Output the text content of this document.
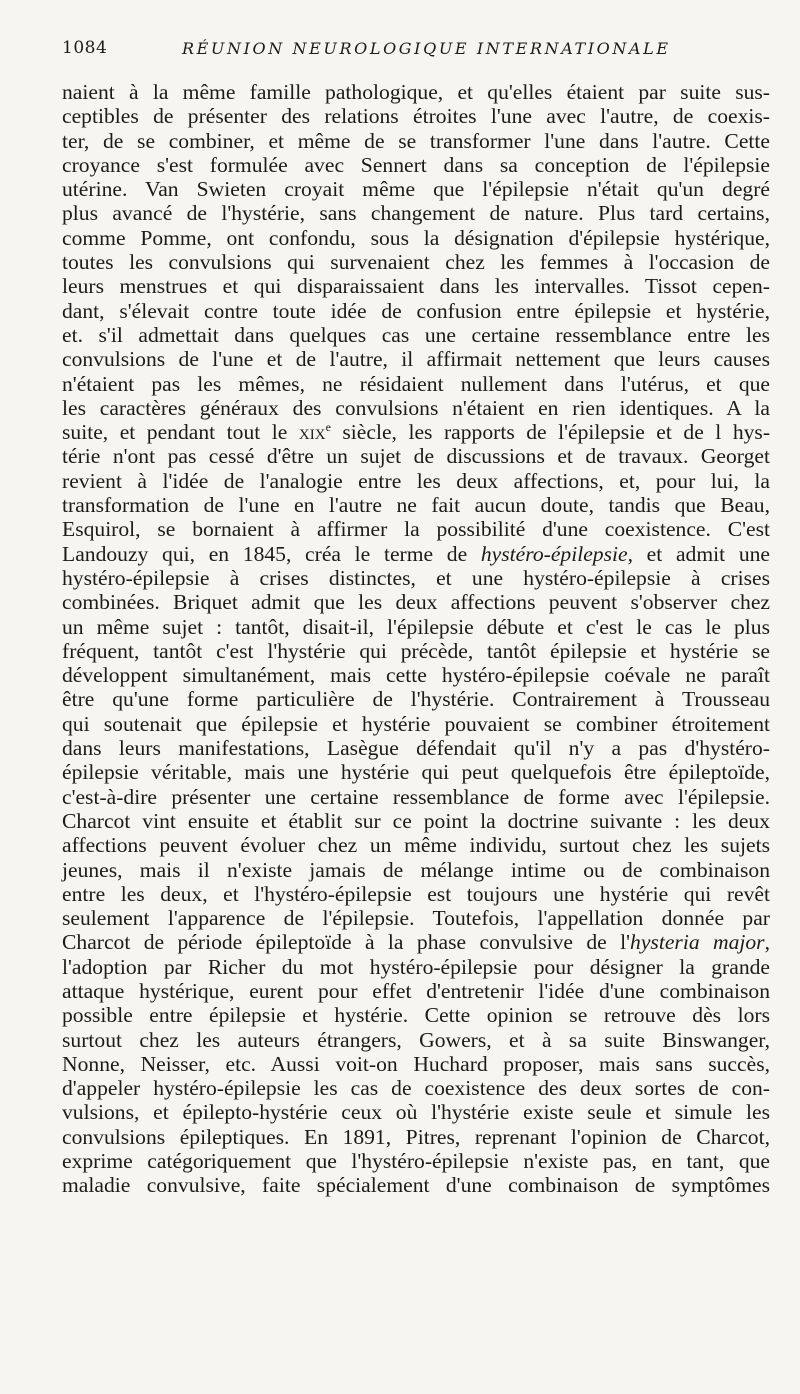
1084	RÉUNION NEUROLOGIQUE INTERNATIONALE
naient à la même famille pathologique, et qu'elles étaient par suite sus-
ceptibles de présenter des relations étroites l'une avec l'autre, de coexis-
ter, de se combiner, et même de se transformer l'une dans l'autre. Cette
croyance s'est formulée avec Sennert dans sa conception de l'épilepsie
utérine. Van Swieten croyait même que l'épilepsie n'était qu'un degré
plus avancé de l'hystérie, sans changement de nature. Plus tard certains,
comme Pomme, ont confondu, sous la désignation d'épilepsie hystérique,
toutes les convulsions qui survenaient chez les femmes à l'occasion de
leurs menstrues et qui disparaissaient dans les intervalles. Tissot cepen-
dant, s'élevait contre toute idée de confusion entre épilepsie et hystérie,
et. s'il admettait dans quelques cas une certaine ressemblance entre les
convulsions de l'une et de l'autre, il affirmait nettement que leurs causes
n'étaient pas les mêmes, ne résidaient nullement dans l'utérus, et que
les caractères généraux des convulsions n'étaient en rien identiques. A la
suite, et pendant tout le xix$^e$ siècle, les rapports de l'épilepsie et de l hys-
térie n'ont pas cessé d'être un sujet de discussions et de travaux. Georget
revient à l'idée de l'analogie entre les deux affections, et, pour lui, la
transformation de l'une en l'autre ne fait aucun doute, tandis que Beau,
Esquirol, se bornaient à affirmer la possibilité d'une coexistence. C'est
Landouzy qui, en 1845, créa le terme de hystéro-épilepsie, et admit une
hystéro-épilepsie à crises distinctes, et une hystéro-épilepsie à crises
combinées. Briquet admit que les deux affections peuvent s'observer chez
un même sujet : tantôt, disait-il, l'épilepsie débute et c'est le cas le plus
fréquent, tantôt c'est l'hystérie qui précède, tantôt épilepsie et hystérie se
développent simultanément, mais cette hystéro-épilepsie coévale ne paraît
être qu'une forme particulière de l'hystérie. Contrairement à Trousseau
qui soutenait que épilepsie et hystérie pouvaient se combiner étroitement
dans leurs manifestations, Lasègue défendait qu'il n'y a pas d'hystéro-
épilepsie véritable, mais une hystérie qui peut quelquefois être épileptoïde,
c'est-à-dire présenter une certaine ressemblance de forme avec l'épilepsie.
Charcot vint ensuite et établit sur ce point la doctrine suivante : les deux
affections peuvent évoluer chez un même individu, surtout chez les sujets
jeunes, mais il n'existe jamais de mélange intime ou de combinaison
entre les deux, et l'hystéro-épilepsie est toujours une hystérie qui revêt
seulement l'apparence de l'épilepsie. Toutefois, l'appellation donnée par
Charcot de période épileptoïde à la phase convulsive de l'hysteria major,
l'adoption par Richer du mot hystéro-épilepsie pour désigner la grande
attaque hystérique, eurent pour effet d'entretenir l'idée d'une combinaison
possible entre épilepsie et hystérie. Cette opinion se retrouve dès lors
surtout chez les auteurs étrangers, Gowers, et à sa suite Binswanger,
Nonne, Neisser, etc. Aussi voit-on Huchard proposer, mais sans succès,
d'appeler hystéro-épilepsie les cas de coexistence des deux sortes de con-
vulsions, et épilepto-hystérie ceux où l'hystérie existe seule et simule les
convulsions épileptiques. En 1891, Pitres, reprenant l'opinion de Charcot,
exprime catégoriquement que l'hystéro-épilepsie n'existe pas, en tant, que
maladie convulsive, faite spécialement d'une combinaison de symptômes
